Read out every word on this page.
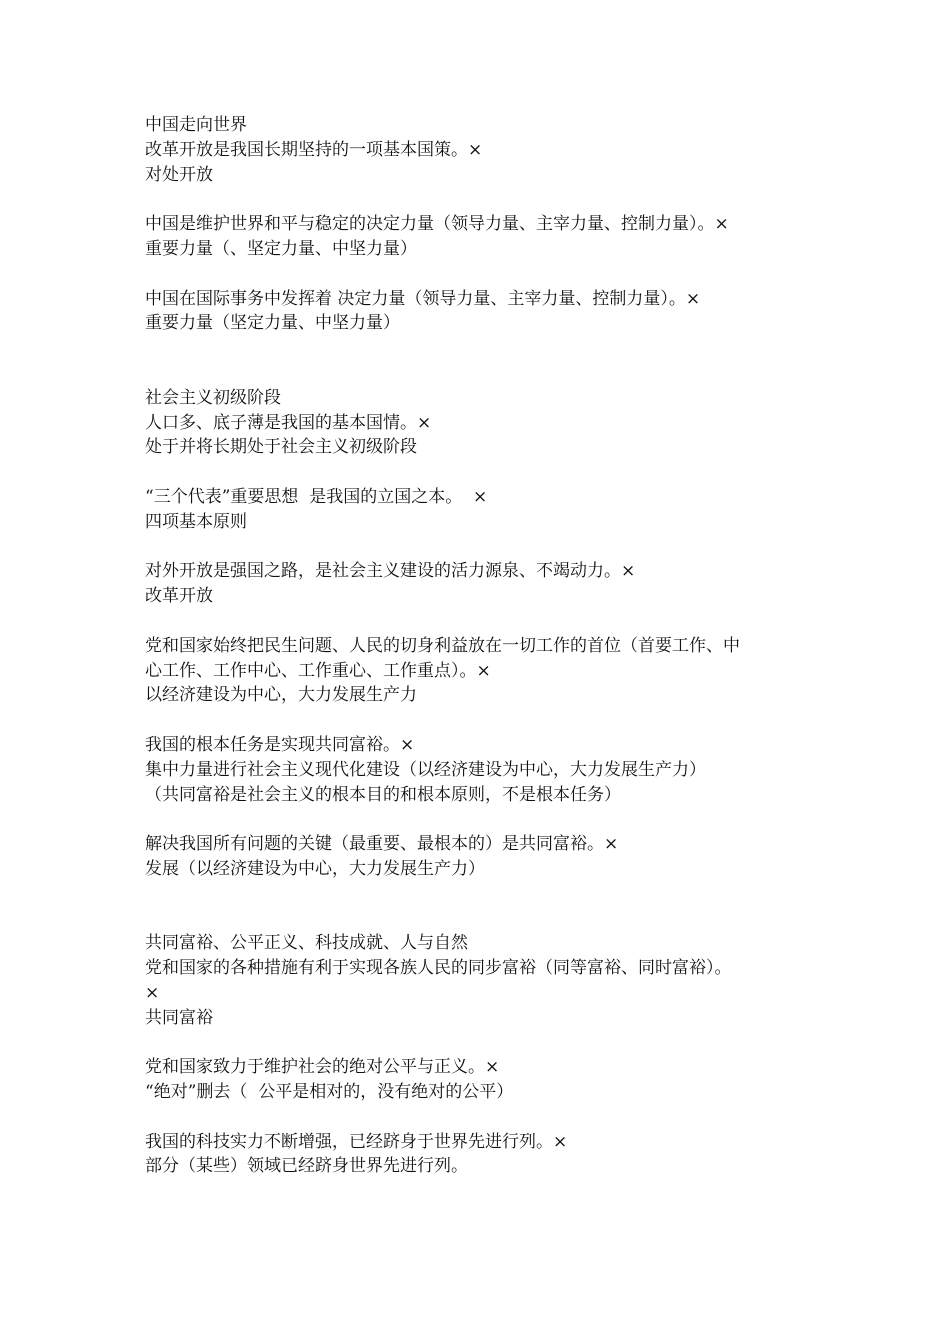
中国走向世界
改革开放是我国长期坚持的一项基本国策。×
对处开放
中国是维护世界和平与稳定的决定力量（领导力量、主宰力量、控制力量）。×
重要力量（、坚定力量、中坚力量）
中国在国际事务中发挥着 决定力量（领导力量、主宰力量、控制力量）。×
重要力量（坚定力量、中坚力量）
社会主义初级阶段
人口多、底子薄是我国的基本国情。×
处于并将长期处于社会主义初级阶段
“三个代表”重要思想  是我国的立国之本。  ×
四项基本原则
对外开放是强国之路，是社会主义建设的活力源泉、不竭动力。×
改革开放
党和国家始终把民生问题、人民的切身利益放在一切工作的首位（首要工作、中
心工作、工作中心、工作重心、工作重点）。×
以经济建设为中心，大力发展生产力
我国的根本任务是实现共同富裕。×
集中力量进行社会主义现代化建设（以经济建设为中心，大力发展生产力）
（共同富裕是社会主义的根本目的和根本原则，不是根本任务）
解决我国所有问题的关键（最重要、最根本的）是共同富裕。×
发展（以经济建设为中心，大力发展生产力）
共同富裕、公平正义、科技成就、人与自然
党和国家的各种措施有利于实现各族人民的同步富裕（同等富裕、同时富裕）。
×
共同富裕
党和国家致力于维护社会的绝对公平与正义。×
“绝对”删去（  公平是相对的，没有绝对的公平）
我国的科技实力不断增强，已经跻身于世界先进行列。×
部分（某些）领域已经跻身世界先进行列。
